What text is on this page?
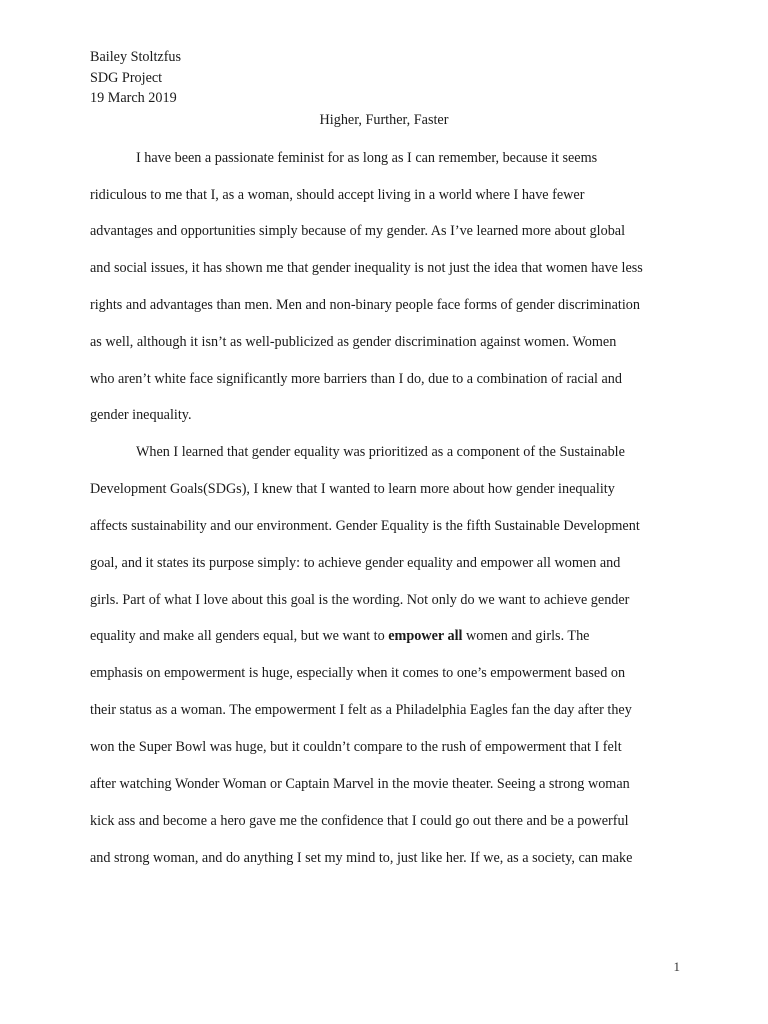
Bailey Stoltzfus
SDG Project
19 March 2019
Higher, Further, Faster
I have been a passionate feminist for as long as I can remember, because it seems
ridiculous to me that I, as a woman, should accept living in a world where I have fewer
advantages and opportunities simply because of my gender. As I’ve learned more about global
and social issues, it has shown me that gender inequality is not just the idea that women have less
rights and advantages than men. Men and non-binary people face forms of gender discrimination
as well, although it isn’t as well-publicized as gender discrimination against women. Women
who aren’t white face significantly more barriers than I do, due to a combination of racial and
gender inequality.
When I learned that gender equality was prioritized as a component of the Sustainable
Development Goals(SDGs), I knew that I wanted to learn more about how gender inequality
affects sustainability and our environment. Gender Equality is the fifth Sustainable Development
goal, and it states its purpose simply: to achieve gender equality and empower all women and
girls. Part of what I love about this goal is the wording. Not only do we want to achieve gender
equality and make all genders equal, but we want to empower all women and girls. The
emphasis on empowerment is huge, especially when it comes to one’s empowerment based on
their status as a woman. The empowerment I felt as a Philadelphia Eagles fan the day after they
won the Super Bowl was huge, but it couldn’t compare to the rush of empowerment that I felt
after watching Wonder Woman or Captain Marvel in the movie theater. Seeing a strong woman
kick ass and become a hero gave me the confidence that I could go out there and be a powerful
and strong woman, and do anything I set my mind to, just like her. If we, as a society, can make
1
